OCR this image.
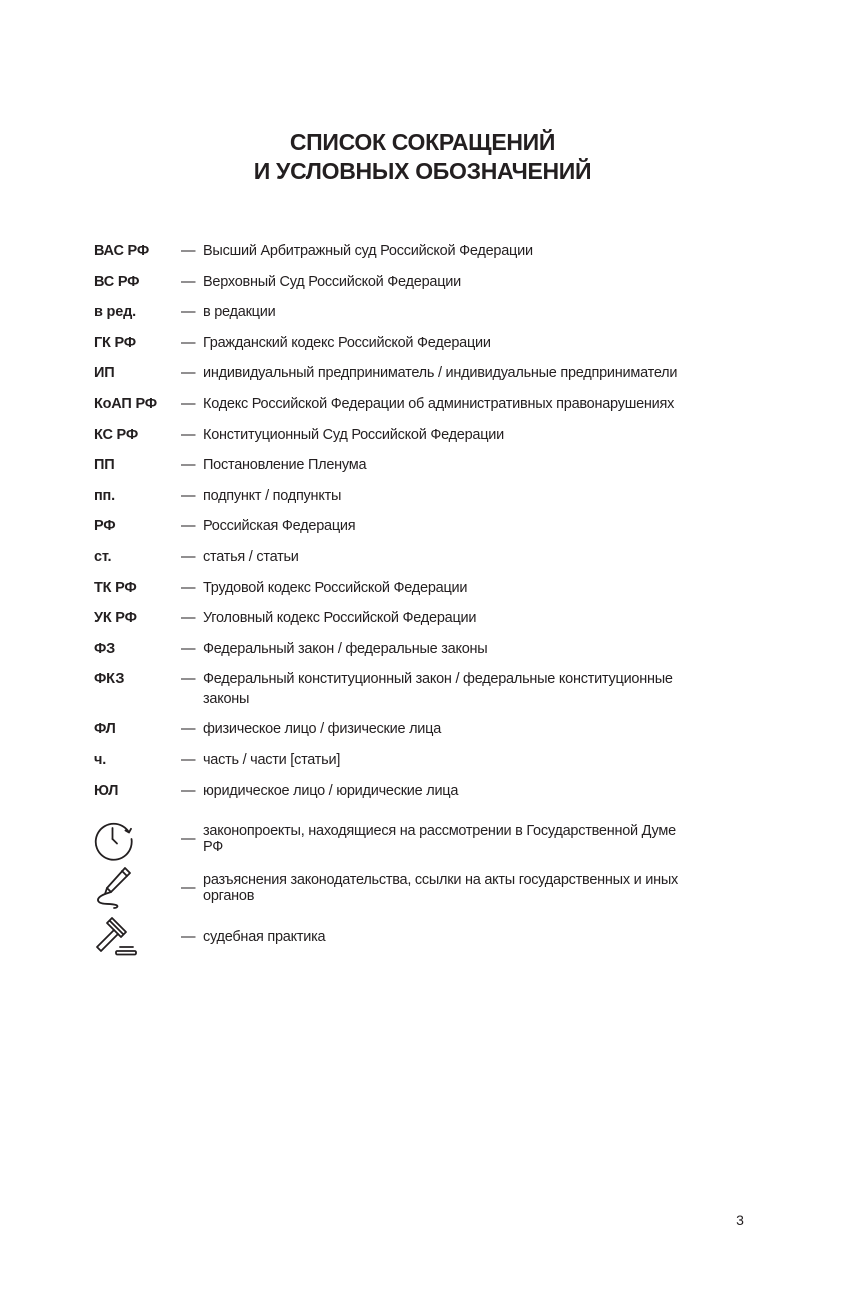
СПИСОК СОКРАЩЕНИЙ
И УСЛОВНЫХ ОБОЗНАЧЕНИЙ
ВАС РФ	— Высший Арбитражный суд Российской Федерации
ВС РФ	— Верховный Суд Российской Федерации
в ред.	— в редакции
ГК РФ	— Гражданский кодекс Российской Федерации
ИП	— индивидуальный предприниматель / индивидуальные предприниматели
КоАП РФ	— Кодекс Российской Федерации об административных правонарушениях
КС РФ	— Конституционный Суд Российской Федерации
ПП	— Постановление Пленума
пп.	— подпункт / подпункты
РФ	— Российская Федерация
ст.	— статья / статьи
ТК РФ	— Трудовой кодекс Российской Федерации
УК РФ	— Уголовный кодекс Российской Федерации
ФЗ	— Федеральный закон / федеральные законы
ФКЗ	— Федеральный конституционный закон / федеральные конституционные законы
ФЛ	— физическое лицо / физические лица
ч.	— часть / части [статьи]
ЮЛ	— юридическое лицо / юридические лица
— законопроекты, находящиеся на рассмотрении в Государственной Думе РФ
— разъяснения законодательства, ссылки на акты государственных и иных органов
— судебная практика
3
